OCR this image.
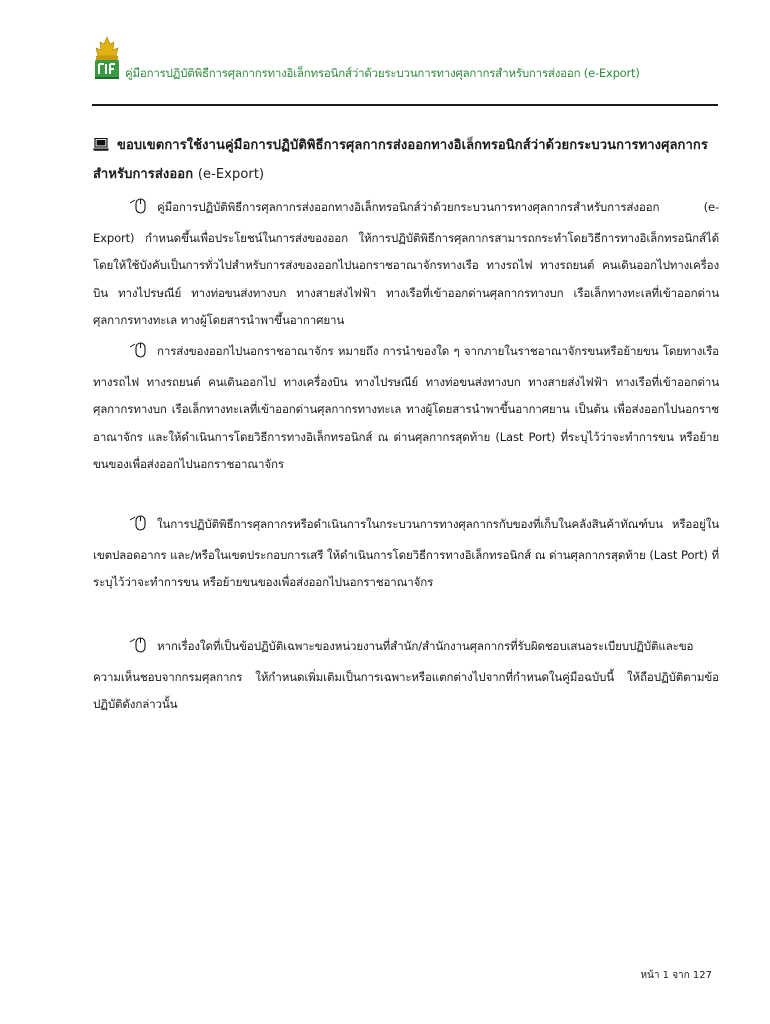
คู่มือการปฏิบัติพิธีการศุลกากรทางอิเล็กทรอนิกส์ว่าด้วยระบวนการทางศุลกากรสำหรับการส่งออก (e-Export)
ขอบเขตการใช้งานคู่มือการปฏิบัติพิธีการศุลกากรส่งออกทางอิเล็กทรอนิกส์ว่าด้วยกระบวนการทางศุลกากรสำหรับการส่งออก (e-Export)
คู่มือการปฏิบัติพิธีการศุลกากรส่งออกทางอิเล็กทรอนิกส์ว่าด้วยกระบวนการทางศุลกากรสำหรับการส่งออก (e-Export) กำหนดขึ้นเพื่อประโยชน์ในการส่งของออก ให้การปฏิบัติพิธีการศุลกากรสามารถกระทำโดยวิธีการทางอิเล็กทรอนิกส์ได้ โดยให้ใช้บังคับเป็นการทั่วไปสำหรับการส่งของออกไปนอกราชอาณาจักรทางเรือ ทางรถไฟ ทางรถยนต์ คนเดินออกไปทางเครื่องบิน ทางไปรษณีย์ ทางท่อขนส่งทางบก ทางสายส่งไฟฟ้า ทางเรือที่เข้าออกด่านศุลกากรทางบก เรือเล็กทางทะเลที่เข้าออกด่านศุลกากรทางทะเล ทางผู้โดยสารนำพาขึ้นอากาศยาน
การส่งของออกไปนอกราชอาณาจักร หมายถึง การนำของใด ๆ จากภายในราชอาณาจักรขนหรือย้ายขน โดยทางเรือ ทางรถไฟ ทางรถยนต์ คนเดินออกไป ทางเครื่องบิน ทางไปรษณีย์ ทางท่อขนส่งทางบก ทางสายส่งไฟฟ้า ทางเรือที่เข้าออกด่านศุลกากรทางบก เรือเล็กทางทะเลที่เข้าออกด่านศุลกากรทางทะเล ทางผู้โดยสารนำพาขึ้นอากาศยาน เป็นต้น เพื่อส่งออกไปนอกราชอาณาจักร และให้ดำเนินการโดยวิธีการทางอิเล็กทรอนิกส์ ณ ด่านศุลกากรสุดท้าย (Last Port) ที่ระบุไว้ว่าจะทำการขน หรือย้ายขนของเพื่อส่งออกไปนอกราชอาณาจักร
ในการปฏิบัติพิธีการศุลกากรหรือดำเนินการในกระบวนการทางศุลกากรกับของที่เก็บในคลังสินค้าทัณฑ์บน หรืออยู่ในเขตปลอดอากร และ/หรือในเขตประกอบการเสรี ให้ดำเนินการโดยวิธีการทางอิเล็กทรอนิกส์ ณ ด่านศุลกากรสุดท้าย (Last Port) ที่ระบุไว้ว่าจะทำการขน หรือย้ายขนของเพื่อส่งออกไปนอกราชอาณาจักร
หากเรื่องใดที่เป็นข้อปฏิบัติเฉพาะของหน่วยงานที่สำนัก/สำนักงานศุลกากรที่รับผิดชอบเสนอระเบียบปฏิบัติและขอความเห็นชอบจากกรมศุลกากร ให้กำหนดเพิ่มเติมเป็นการเฉพาะหรือแตกต่างไปจากที่กำหนดในคู่มือฉบับนี้ ให้ถือปฏิบัติตามข้อปฏิบัติดังกล่าวนั้น
หน้า 1 จาก 127
